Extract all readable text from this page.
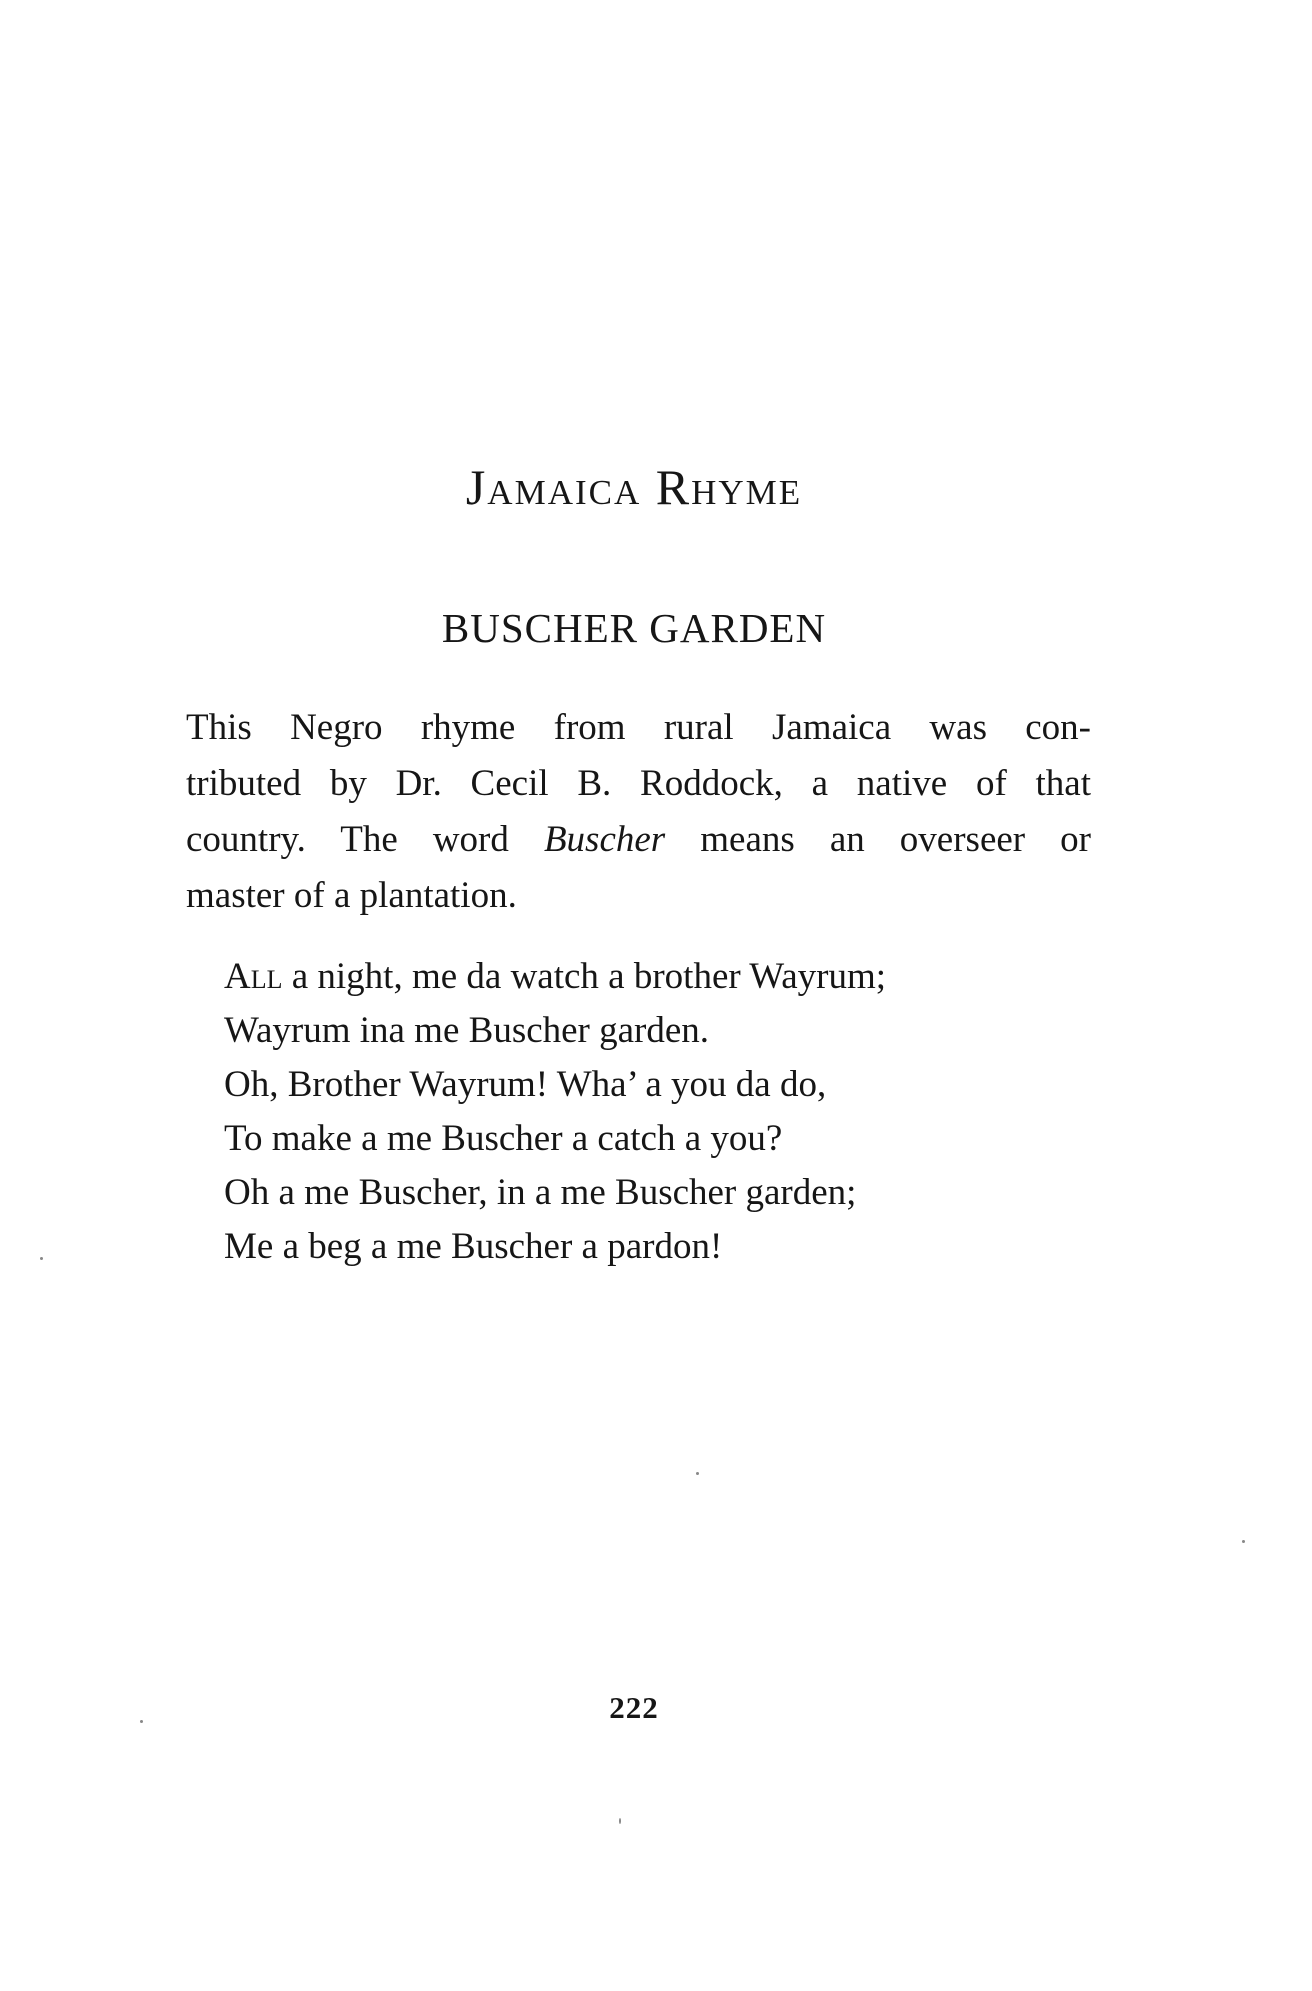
Jamaica Rhyme
BUSCHER GARDEN
This Negro rhyme from rural Jamaica was con-
tributed by Dr. Cecil B. Roddock, a native of that
country. The word Buscher means an overseer or
master of a plantation.
All a night, me da watch a brother Wayrum;
Wayrum ina me Buscher garden.
Oh, Brother Wayrum! Wha’ a you da do,
To make a me Buscher a catch a you?
Oh a me Buscher, in a me Buscher garden;
Me a beg a me Buscher a pardon!
222
